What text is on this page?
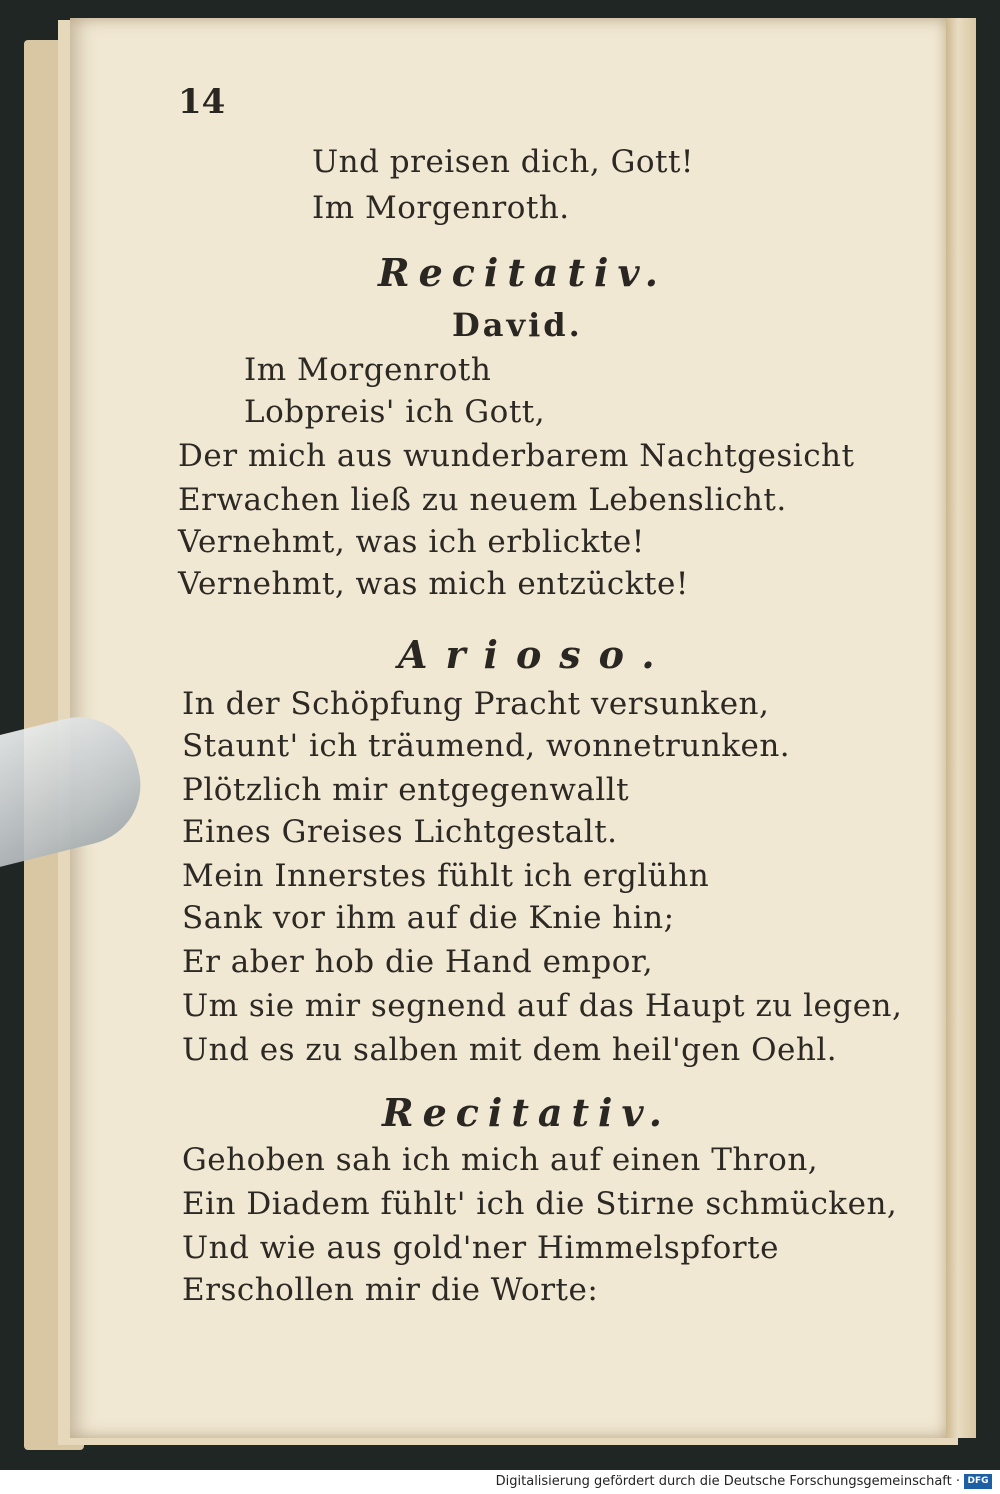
14
Und preisen dich, Gott!
Im Morgenroth.
Recitativ.
David.
Im Morgenroth
Lobpreis' ich Gott,
Der mich aus wunderbarem Nachtgesicht
Erwachen ließ zu neuem Lebenslicht.
Vernehmt, was ich erblickte!
Vernehmt, was mich entzückte!
Arioso.
In der Schöpfung Pracht versunken,
Staunt' ich träumend, wonnetrunken.
Plötzlich mir entgegenwallt
Eines Greises Lichtgestalt.
Mein Innerstes fühlt ich erglühn
Sank vor ihm auf die Knie hin;
Er aber hob die Hand empor,
Um sie mir segnend auf das Haupt zu legen,
Und es zu salben mit dem heil'gen Oehl.
Recitativ.
Gehoben sah ich mich auf einen Thron,
Ein Diadem fühlt' ich die Stirne schmücken,
Und wie aus gold'ner Himmelspforte
Erschollen mir die Worte:
Digitalisierung gefördert durch die Deutsche Forschungsgemeinschaft · DFG
